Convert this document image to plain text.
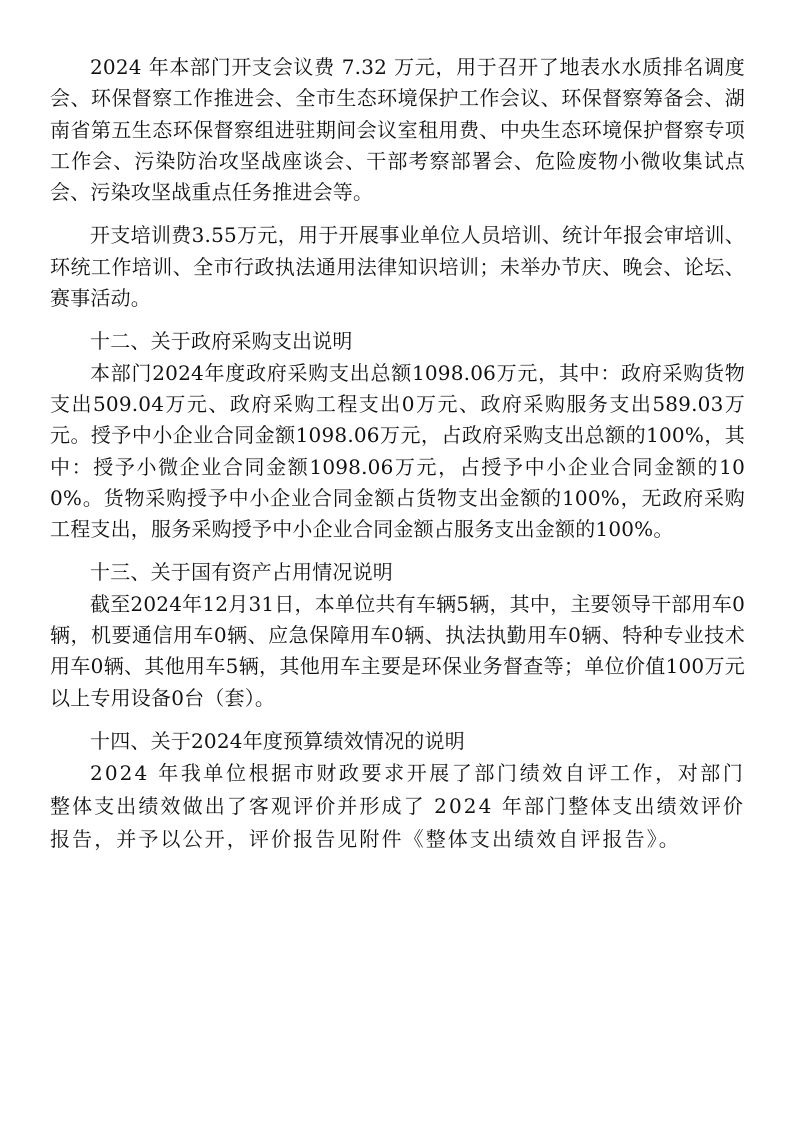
2024 年本部门开支会议费 7.32 万元，用于召开了地表水水质排名调度会、环保督察工作推进会、全市生态环境保护工作会议、环保督察筹备会、湖南省第五生态环保督察组进驻期间会议室租用费、中央生态环境保护督察专项工作会、污染防治攻坚战座谈会、干部考察部署会、危险废物小微收集试点会、污染攻坚战重点任务推进会等。

开支培训费3.55万元，用于开展事业单位人员培训、统计年报会审培训、环统工作培训、全市行政执法通用法律知识培训；未举办节庆、晚会、论坛、赛事活动。

十二、关于政府采购支出说明

本部门2024年度政府采购支出总额1098.06万元，其中：政府采购货物支出509.04万元、政府采购工程支出0万元、政府采购服务支出589.03万元。授予中小企业合同金额1098.06万元，占政府采购支出总额的100%，其中：授予小微企业合同金额1098.06万元，占授予中小企业合同金额的100%。货物采购授予中小企业合同金额占货物支出金额的100%，无政府采购工程支出，服务采购授予中小企业合同金额占服务支出金额的100%。

十三、关于国有资产占用情况说明

截至2024年12月31日，本单位共有车辆5辆，其中，主要领导干部用车0辆，机要通信用车0辆、应急保障用车0辆、执法执勤用车0辆、特种专业技术用车0辆、其他用车5辆，其他用车主要是环保业务督查等；单位价值100万元以上专用设备0台（套）。

十四、关于2024年度预算绩效情况的说明

2024 年我单位根据市财政要求开展了部门绩效自评工作，对部门整体支出绩效做出了客观评价并形成了 2024 年部门整体支出绩效评价报告，并予以公开，评价报告见附件《整体支出绩效自评报告》。
